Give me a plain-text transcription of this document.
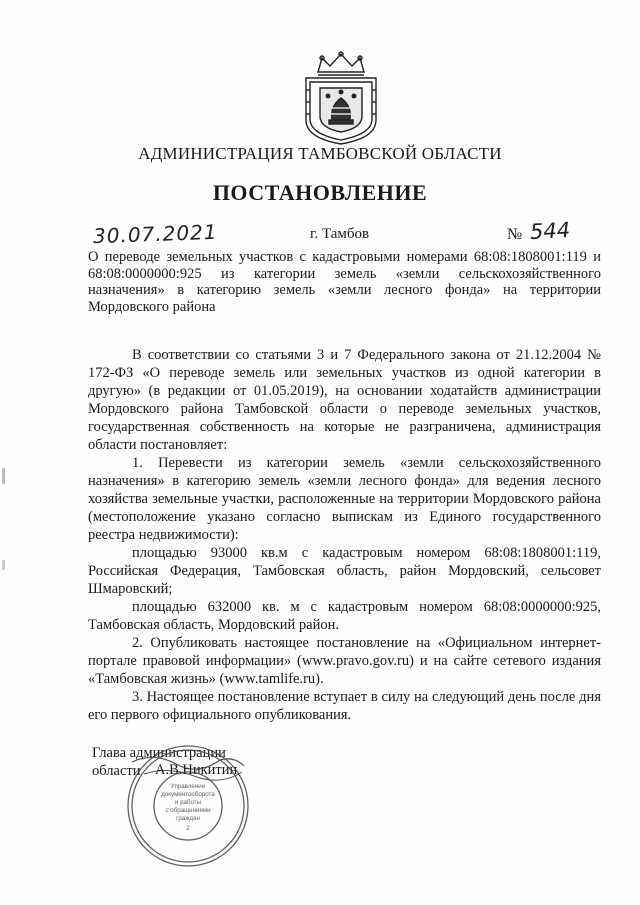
АДМИНИСТРАЦИЯ ТАМБОВСКОЙ ОБЛАСТИ
ПОСТАНОВЛЕНИЕ
30.07.2021	г. Тамбов	№ 544

О переводе земельных участков с кадастровыми номерами 68:08:1808001:119 и 68:08:0000000:925 из категории земель «земли сельскохозяйственного назначения» в категорию земель «земли лесного фонда» на территории Мордовского района

В соответствии со статьями 3 и 7 Федерального закона от 21.12.2004 № 172-ФЗ «О переводе земель или земельных участков из одной категории в другую» (в редакции от 01.05.2019), на основании ходатайств администрации Мордовского района Тамбовской области о переводе земельных участков, государственная собственность на которые не разграничена, администрация области постановляет:

1. Перевести из категории земель «земли сельскохозяйственного назначения» в категорию земель «земли лесного фонда» для ведения лесного хозяйства земельные участки, расположенные на территории Мордовского района (местоположение указано согласно выпискам из Единого государственного реестра недвижимости):

площадью 93000 кв.м с кадастровым номером 68:08:1808001:119, Российская Федерация, Тамбовская область, район Мордовский, сельсовет Шмаровский;

площадью 632000 кв. м с кадастровым номером 68:08:0000000:925, Тамбовская область, Мордовский район.

2. Опубликовать настоящее постановление на «Официальном интернет-портале правовой информации» (www.pravo.gov.ru) и на сайте сетевого издания «Тамбовская жизнь» (www.tamlife.ru).

3. Настоящее постановление вступает в силу на следующий день после дня его первого официального опубликования.

Глава администрации
области	А.В.Никитин
Управление
документооборота
и работы
с обращениями
граждан
2
